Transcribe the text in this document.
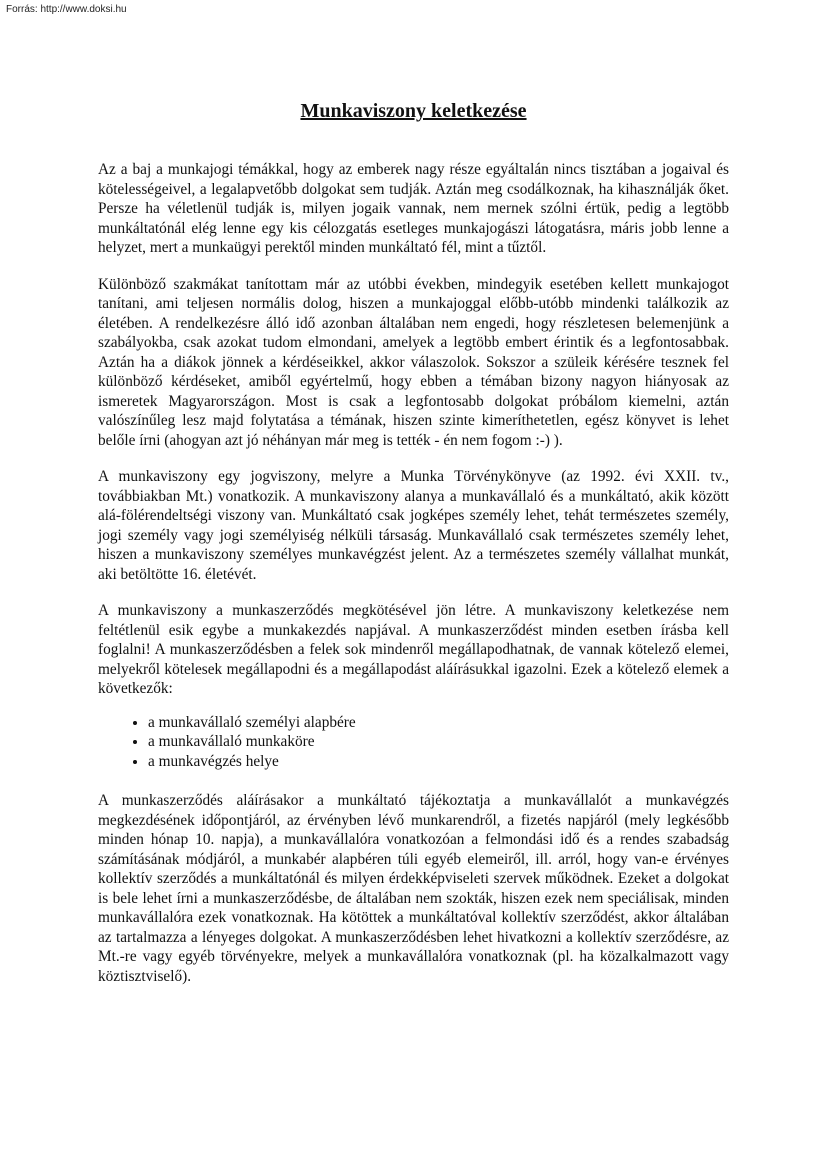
Forrás: http://www.doksi.hu

Munkaviszony keletkezése

Az a baj a munkajogi témákkal, hogy az emberek nagy része egyáltalán nincs tisztában a jogaival és kötelességeivel, a legalapvetőbb dolgokat sem tudják. Aztán meg csodálkoznak, ha kihasználják őket. Persze ha véletlenül tudják is, milyen jogaik vannak, nem mernek szólni értük, pedig a legtöbb munkáltatónál elég lenne egy kis célozgatás esetleges munkajogászi látogatásra, máris jobb lenne a helyzet, mert a munkaügyi perektől minden munkáltató fél, mint a tűztől.

Különböző szakmákat tanítottam már az utóbbi években, mindegyik esetében kellett munkajogot tanítani, ami teljesen normális dolog, hiszen a munkajoggal előbb-utóbb mindenki találkozik az életében. A rendelkezésre álló idő azonban általában nem engedi, hogy részletesen belemenjünk a szabályokba, csak azokat tudom elmondani, amelyek a legtöbb embert érintik és a legfontosabbak. Aztán ha a diákok jönnek a kérdéseikkel, akkor válaszolok. Sokszor a szüleik kérésére tesznek fel különböző kérdéseket, amiből egyértelmű, hogy ebben a témában bizony nagyon hiányosak az ismeretek Magyarországon. Most is csak a legfontosabb dolgokat próbálom kiemelni, aztán valószínűleg lesz majd folytatása a témának, hiszen szinte kimeríthetetlen, egész könyvet is lehet belőle írni (ahogyan azt jó néhányan már meg is tették - én nem fogom :-) ).

A munkaviszony egy jogviszony, melyre a Munka Törvénykönyve (az 1992. évi XXII. tv., továbbiakban Mt.) vonatkozik. A munkaviszony alanya a munkavállaló és a munkáltató, akik között alá-fölérendeltségi viszony van. Munkáltató csak jogképes személy lehet, tehát természetes személy, jogi személy vagy jogi személyiség nélküli társaság. Munkavállaló csak természetes személy lehet, hiszen a munkaviszony személyes munkavégzést jelent. Az a természetes személy vállalhat munkát, aki betöltötte 16. életévét.

A munkaviszony a munkaszerződés megkötésével jön létre. A munkaviszony keletkezése nem feltétlenül esik egybe a munkakezdés napjával. A munkaszerződést minden esetben írásba kell foglalni! A munkaszerződésben a felek sok mindenről megállapodhatnak, de vannak kötelező elemei, melyekről kötelesek megállapodni és a megállapodást aláírásukkal igazolni. Ezek a kötelező elemek a következők:

• a munkavállaló személyi alapbére
• a munkavállaló munkaköre
• a munkavégzés helye

A munkaszerződés aláírásakor a munkáltató tájékoztatja a munkavállalót a munkavégzés megkezdésének időpontjáról, az érvényben lévő munkarendről, a fizetés napjáról (mely legkésőbb minden hónap 10. napja), a munkavállalóra vonatkozóan a felmondási idő és a rendes szabadság számításának módjáról, a munkabér alapbéren túli egyéb elemeiről, ill. arról, hogy van-e érvényes kollektív szerződés a munkáltatónál és milyen érdekképviseleti szervek működnek. Ezeket a dolgokat is bele lehet írni a munkaszerződésbe, de általában nem szokták, hiszen ezek nem speciálisak, minden munkavállalóra ezek vonatkoznak. Ha kötöttek a munkáltatóval kollektív szerződést, akkor általában az tartalmazza a lényeges dolgokat. A munkaszerződésben lehet hivatkozni a kollektív szerződésre, az Mt.-re vagy egyéb törvényekre, melyek a munkavállalóra vonatkoznak (pl. ha közalkalmazott vagy köztisztviselő).
